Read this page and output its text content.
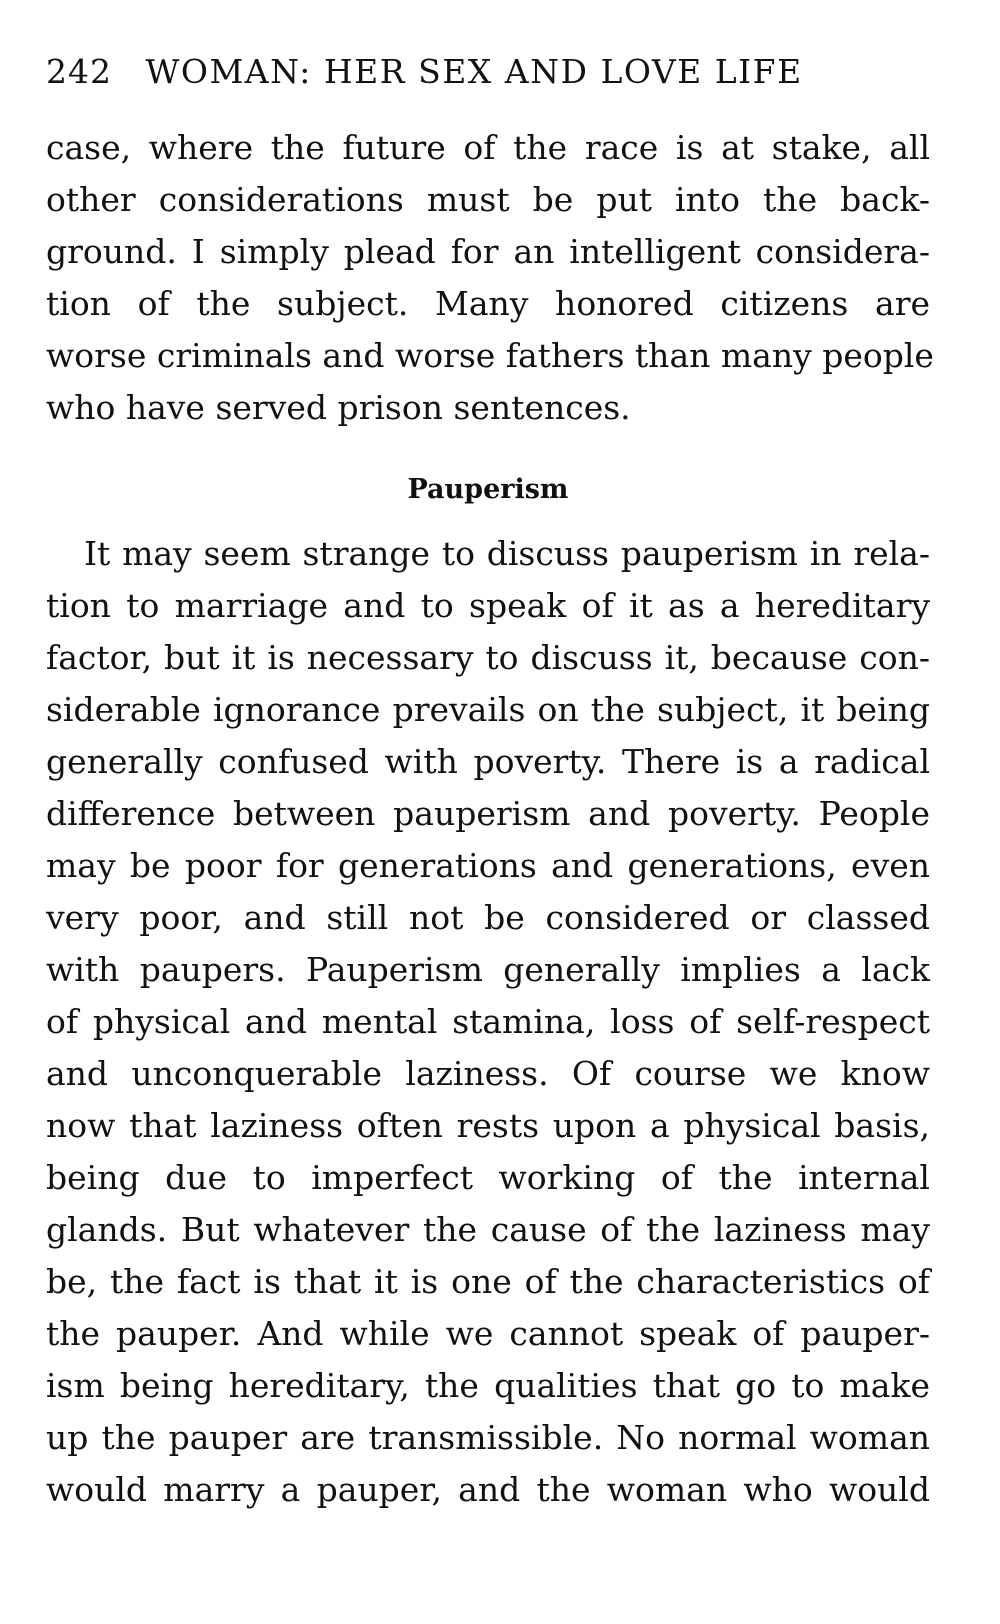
242 WOMAN: HER SEX AND LOVE LIFE
case, where the future of the race is at stake, all
other considerations must be put into the back-
ground. I simply plead for an intelligent considera-
tion of the subject. Many honored citizens are
worse criminals and worse fathers than many people
who have served prison sentences.
Pauperism
It may seem strange to discuss pauperism in rela-
tion to marriage and to speak of it as a hereditary
factor, but it is necessary to discuss it, because con-
siderable ignorance prevails on the subject, it being
generally confused with poverty. There is a radical
difference between pauperism and poverty. People
may be poor for generations and generations, even
very poor, and still not be considered or classed
with paupers. Pauperism generally implies a lack
of physical and mental stamina, loss of self-respect
and unconquerable laziness. Of course we know
now that laziness often rests upon a physical basis,
being due to imperfect working of the internal
glands. But whatever the cause of the laziness may
be, the fact is that it is one of the characteristics of
the pauper. And while we cannot speak of pauper-
ism being hereditary, the qualities that go to make
up the pauper are transmissible. No normal woman
would marry a pauper, and the woman who would
